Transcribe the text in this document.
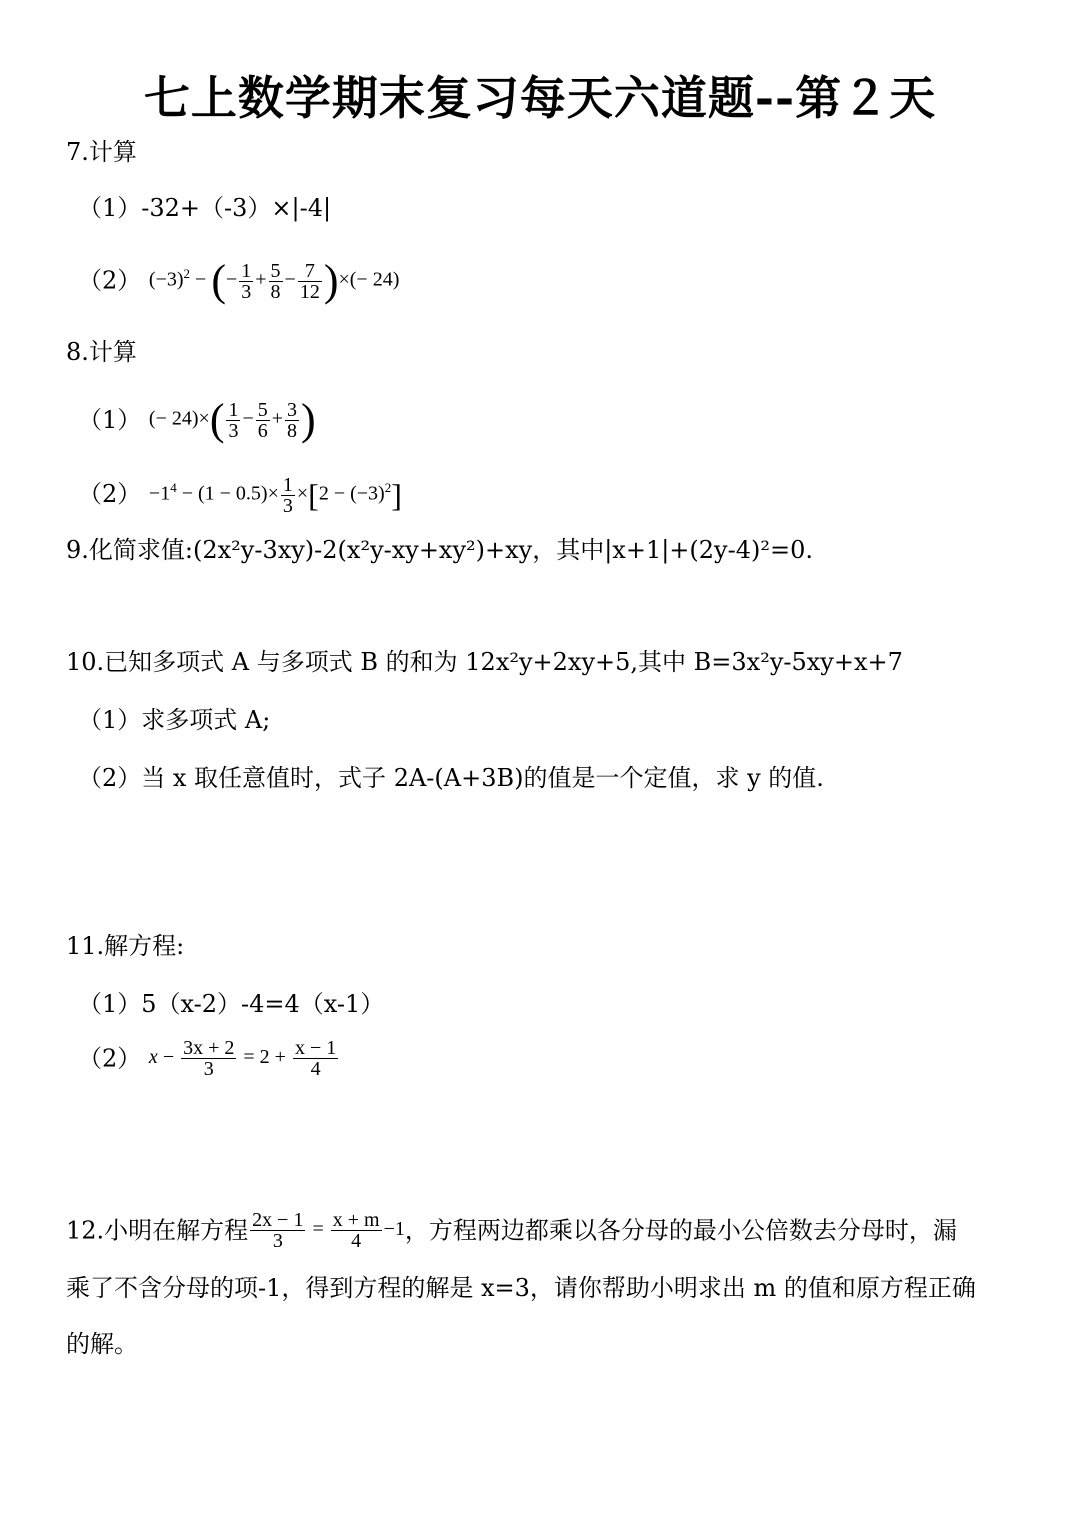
七上数学期末复习每天六道题--第２天
7.计算
（1）-32+（-3）×|-4|
（2） $(-3)^2$ − (− $\frac{1}{3} + \frac{5}{8} - \frac{7}{12}$ )×(− 24)
8.计算
（1） (− $24)\times( \frac{1}{3} - \frac{5}{6} + \frac{3}{8}$ )
$(2) -1^4 - (1 - 0.5)\times \frac{1}{3} \times[2 - (-3)^2]$
9.化简求值:(2x²y-3xy)-2(x²y-xy+xy²)+xy，其中|x+1|+(2y-4)²=0.
10.已知多项式 A 与多项式 B 的和为 12x²y+2xy+5,其中 B=3x²y-5xy+x+7
（1）求多项式 A;
（2）当 x 取任意值时，式子 2A-(A+3B)的值是一个定值，求 y 的值.
11.解方程:
（1）5（x-2）-4=4（x-1）
（2） $x - \frac{3x + 2}{3} = 2 + \frac{x - 1}{4}$
12.小明在解方程 $\frac{2x - 1}{3} = \frac{x + m}{4} -1$，方程两边都乘以各分母的最小公倍数去分母时，漏
乘了不含分母的项-1，得到方程的解是 x=3，请你帮助小明求出 m 的值和原方程正确
的解。
